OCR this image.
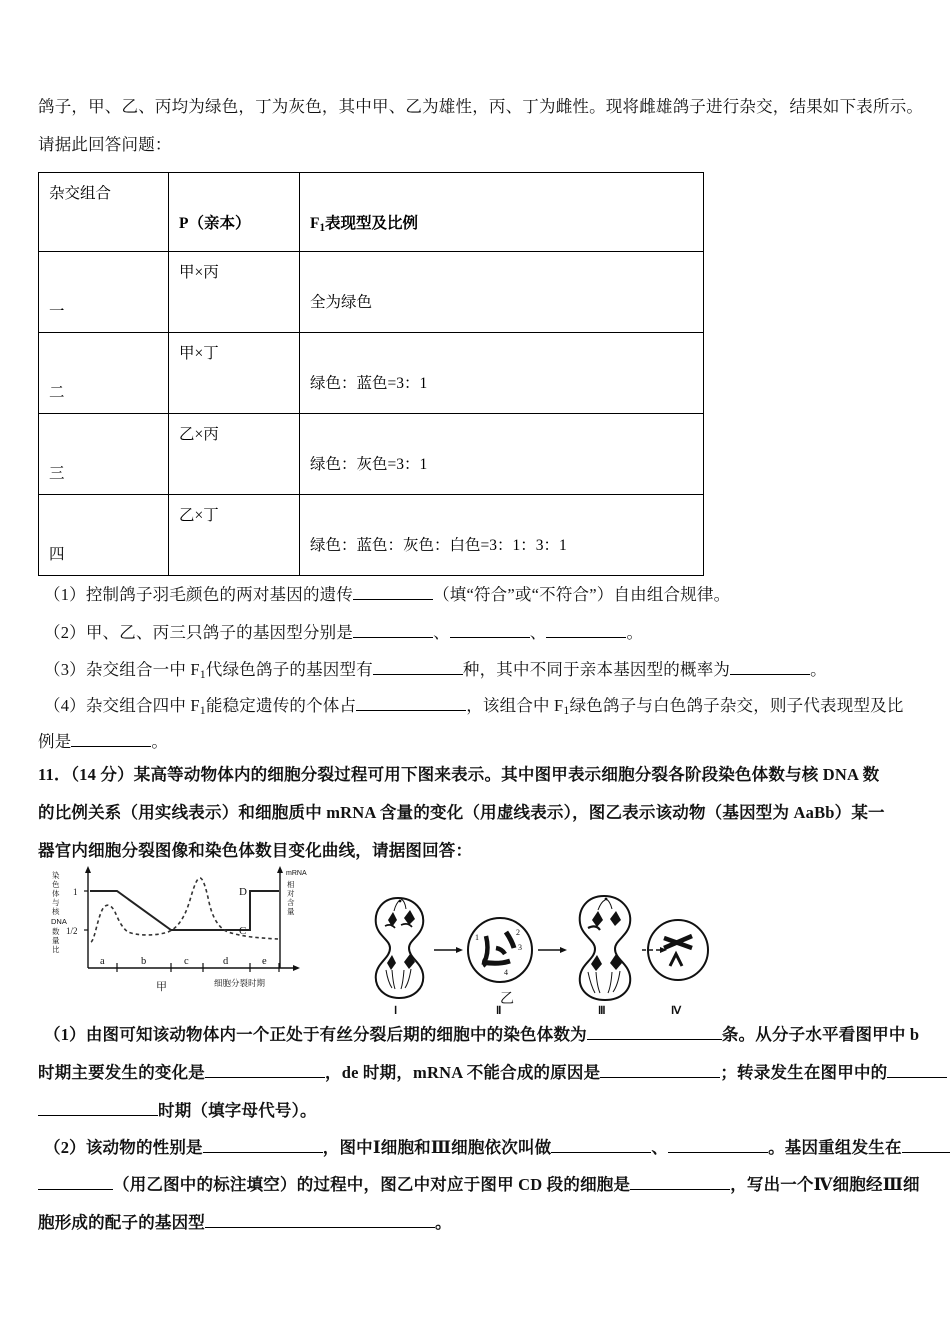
鸽子，甲、乙、丙均为绿色，丁为灰色，其中甲、乙为雄性，丙、丁为雌性。现将雌雄鸽子进行杂交，结果如下表所示。
请据此回答问题：
杂交组合	P（亲本）	$F_1$表现型及比例

一	甲×丙	全为绿色

二	甲×丁	绿色：蓝色=3：1

三	乙×丙	绿色：灰色=3：1

四	乙×丁	绿色：蓝色：灰色：白色=3：1：3：1
（1）控制鸽子羽毛颜色的两对基因的遗传	（填“符合”或“不符合”）自由组合规律。
（2）甲、乙、丙三只鸽子的基因型分别是	、	、	。
（3）杂交组合一中 $F_1$代绿色鸽子的基因型有	种，其中不同于亲本基因型的概率为	。
（4）杂交组合四中 $F_1$能稳定遗传的个体占	，该组合中 $F_1$绿色鸽子与白色鸽子杂交，则子代表现型及比
例是	。
11．（14 分）某高等动物体内的细胞分裂过程可用下图来表示。其中图甲表示细胞分裂各阶段染色体数与核 DNA 数
的比例关系（用实线表示）和细胞质中 mRNA 含量的变化（用虚线表示），图乙表示该动物（基因型为 AaBb）某一
器官内细胞分裂图像和染色体数目变化曲线，请据图回答：
染
色
体
与
核
DNA
数
量
比
1
1/2	C
D
a	b	c	d	e
细胞分裂时期
甲
mRNA
相
对
含
量
Ⅰ
1
2
3
4
Ⅱ	Ⅲ	Ⅳ
乙
（1）由图可知该动物体内一个正处于有丝分裂后期的细胞中的染色体数为	条。从分子水平看图甲中 b
时期主要发生的变化是	，de 时期，mRNA 不能合成的原因是	；转录发生在图甲中的
时期（填字母代号）。
（2）该动物的性别是	，图中Ⅰ细胞和Ⅲ细胞依次叫做	、	。基因重组发生在
（用乙图中的标注填空）的过程中，图乙中对应于图甲 CD 段的细胞是	，写出一个Ⅳ细胞经Ⅲ细
胞形成的配子的基因型	。
